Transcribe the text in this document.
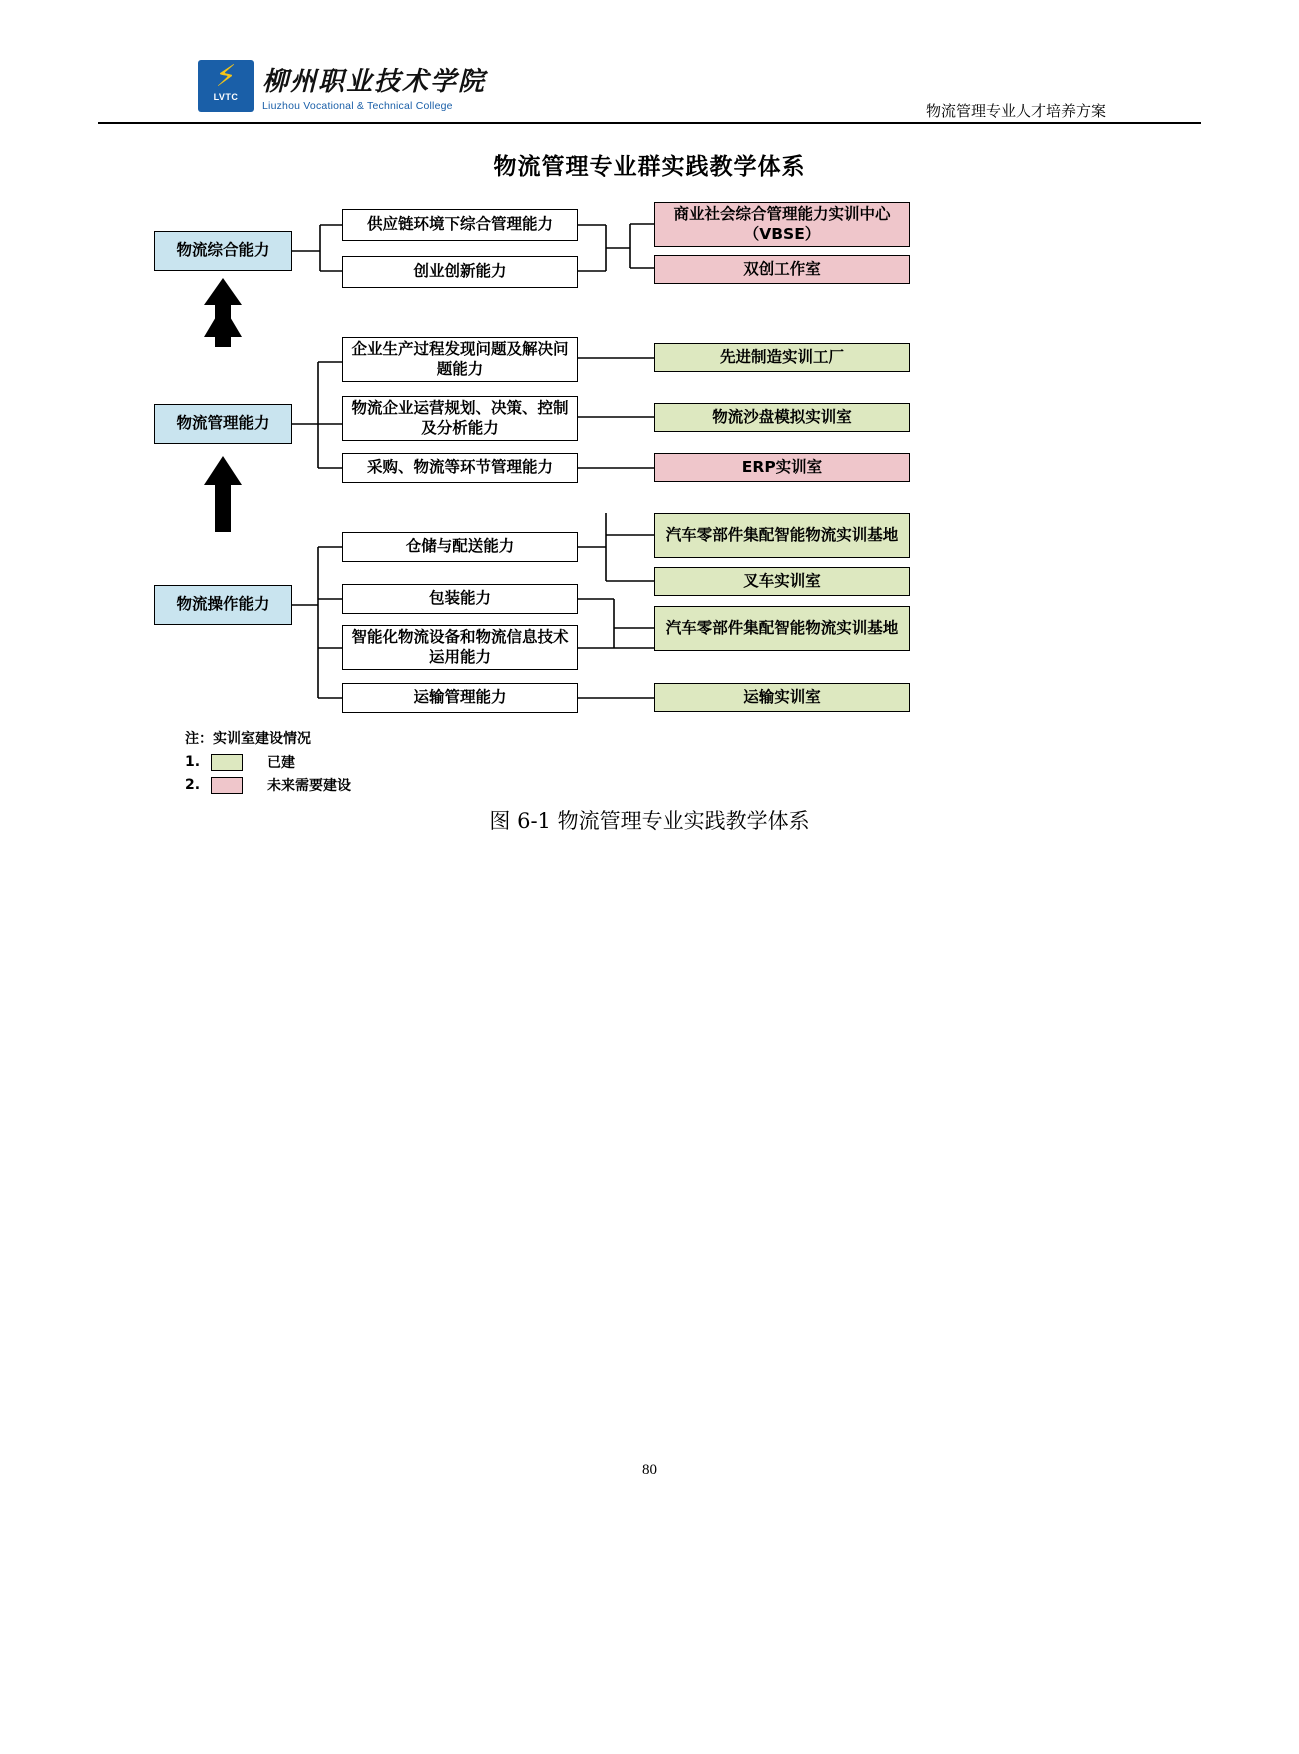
⚡
LVTC
柳州职业技术学院
Liuzhou Vocational & Technical College	物流管理专业人才培养方案
物流管理专业群实践教学体系
物流综合能力
供应链环境下综合管理能力
创业创新能力
商业社会综合管理能力实训中心（VBSE）
双创工作室
物流管理能力
企业生产过程发现问题及解决问题能力
物流企业运营规划、决策、控制及分析能力
采购、物流等环节管理能力
先进制造实训工厂
物流沙盘模拟实训室
ERP实训室
物流操作能力
仓储与配送能力
包装能力
智能化物流设备和物流信息技术运用能力
运输管理能力
汽车零部件集配智能物流实训基地
叉车实训室
汽车零部件集配智能物流实训基地
运输实训室
注：实训室建设情况
1.	已建
2.	未来需要建设
图 6-1 物流管理专业实践教学体系
80
